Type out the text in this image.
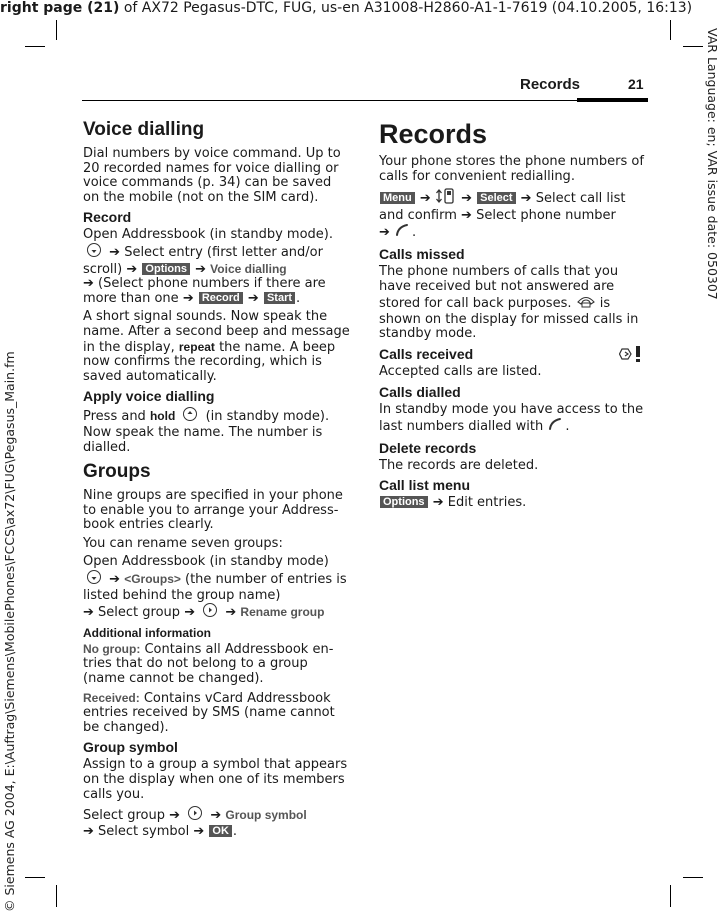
right page (21) of AX72 Pegasus-DTC, FUG, us-en A31008-H2860-A1-1-7619 (04.10.2005, 16:13)
VAR Language: en; VAR issue date: 050307
© Siemens AG 2004, E:\Auftrag\Siemens\MobilePhones\FCCS\ax72\FUG\Pegasus_Main.fm
Records	21
Voice dialling

Dial numbers by voice command. Up to 20 recorded names for voice dialling or voice commands (p. 34) can be saved on the mobile (not on the SIM card).

Record

Open Addressbook (in standby mode).  ➔ Select entry (first letter and/or scroll) ➔ Options ➔ Voice dialling
➔ (Select phone numbers if there are more than one ➔ Record ➔ Start .

A short signal sounds. Now speak the name. After a second beep and message in the display, repeat the name. A beep now confirms the recording, which is saved automatically.

Apply voice dialling

Press and hold (in standby mode). Now speak the name. The number is dialled.

Groups

Nine groups are specified in your phone to enable you to arrange your Address-book entries clearly.

You can rename seven groups:

Open Addressbook (in standby mode)
➔ <Groups> (the number of entries is listed behind the group name)
➔ Select group ➔ ➔ Rename group

Additional information

No group: Contains all Addressbook en-tries that do not belong to a group (name cannot be changed).

Received: Contains vCard Addressbook entries received by SMS (name cannot be changed).

Group symbol

Assign to a group a symbol that appears on the display when one of its members calls you.

Select group ➔ ➔ Group symbol
➔ Select symbol ➔ OK .

Records

Your phone stores the phone numbers of calls for convenient redialling.

Menu ➔ ➔ Select ➔ Select call list and confirm ➔ Select phone number
➔ .

Calls missed

The phone numbers of calls that you have received but not answered are stored for call back purposes. is shown on the display for missed calls in standby mode.

Calls received

Accepted calls are listed.

Calls dialled

In standby mode you have access to the last numbers dialled with .

Delete records

The records are deleted.

Call list menu

Options ➔ Edit entries.
